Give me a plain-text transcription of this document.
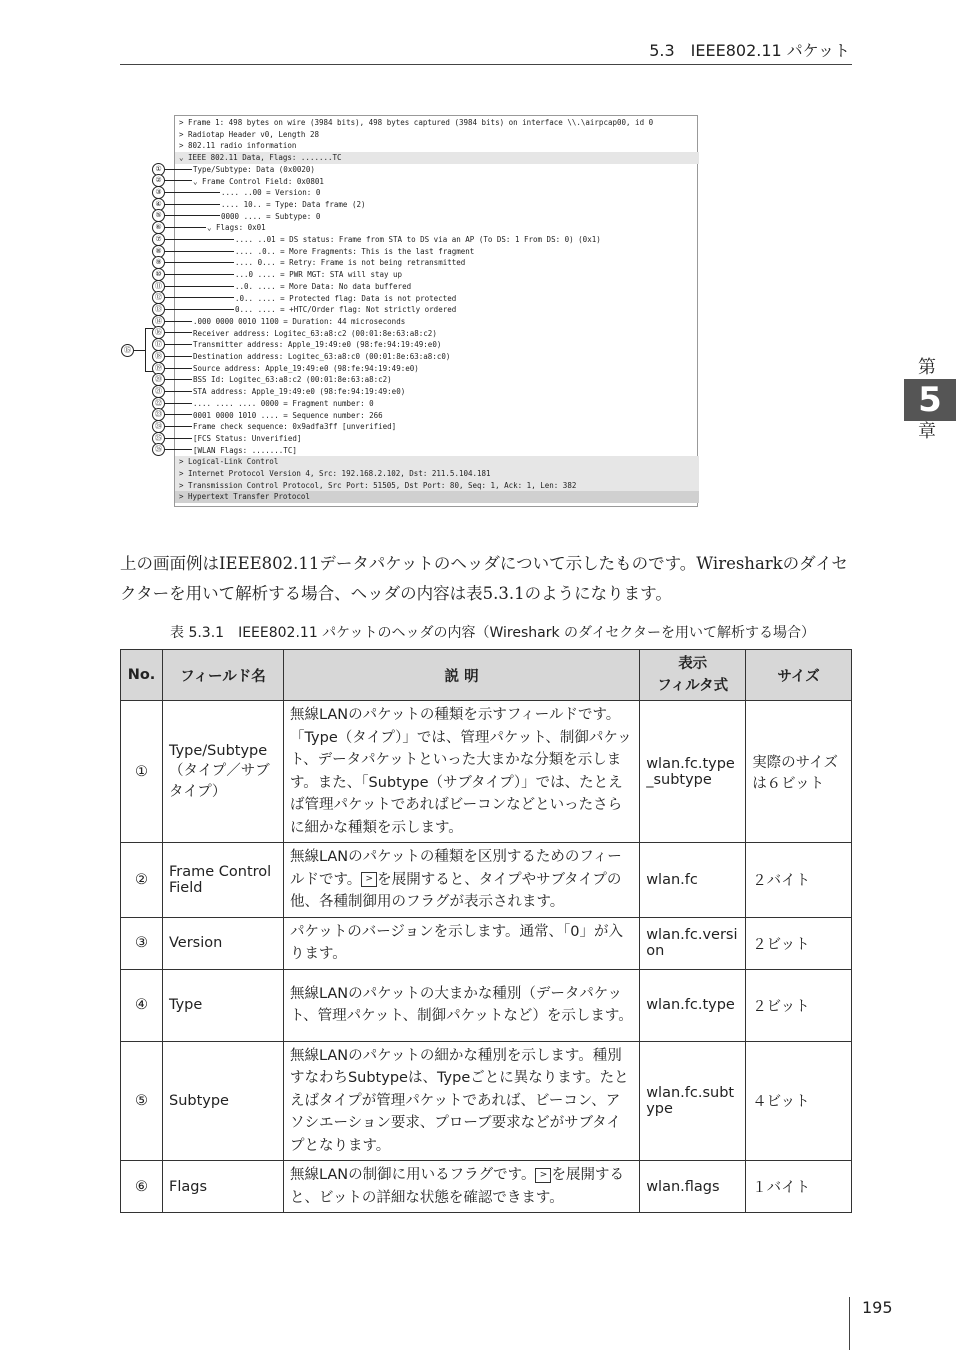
5.3　IEEE802.11 パケット
第
5
章
> Frame 1: 498 bytes on wire (3984 bits), 498 bytes captured (3984 bits) on interface \\.\airpcap00, id 0
> Radiotap Header v0, Length 28
> 802.11 radio information
⌄ IEEE 802.11 Data, Flags: .......TC
Type/Subtype: Data (0x0020)
⌄ Frame Control Field: 0x0801
.... ..00 = Version: 0
.... 10.. = Type: Data frame (2)
0000 .... = Subtype: 0
⌄ Flags: 0x01
.... ..01 = DS status: Frame from STA to DS via an AP (To DS: 1 From DS: 0) (0x1)
.... .0.. = More Fragments: This is the last fragment
.... 0... = Retry: Frame is not being retransmitted
...0 .... = PWR MGT: STA will stay up
..0. .... = More Data: No data buffered
.0.. .... = Protected flag: Data is not protected
0... .... = +HTC/Order flag: Not strictly ordered
.000 0000 0010 1100 = Duration: 44 microseconds
Receiver address: Logitec_63:a8:c2 (00:01:8e:63:a8:c2)
Transmitter address: Apple_19:49:e0 (98:fe:94:19:49:e0)
Destination address: Logitec_63:a8:c0 (00:01:8e:63:a8:c0)
Source address: Apple_19:49:e0 (98:fe:94:19:49:e0)
BSS Id: Logitec_63:a8:c2 (00:01:8e:63:a8:c2)
STA address: Apple_19:49:e0 (98:fe:94:19:49:e0)
.... .... .... 0000 = Fragment number: 0
0001 0000 1010 .... = Sequence number: 266
Frame check sequence: 0x9adfa3ff [unverified]
[FCS Status: Unverified]
[WLAN Flags: .......TC]
> Logical-Link Control
> Internet Protocol Version 4, Src: 192.168.2.102, Dst: 211.5.104.181
> Transmission Control Protocol, Src Port: 51505, Dst Port: 80, Seq: 1, Ack: 1, Len: 382
> Hypertext Transfer Protocol
①
②
③
④
⑤
⑥
⑦
⑧
⑨
⑩
⑪
⑫
⑬
⑭
⑯
⑰
⑱
⑲
⑳
㉑
㉒
㉓
㉔
㉕
㉖
⑮

上の画面例はIEEE802.11データパケットのヘッダについて示したものです。Wiresharkのダイセクターを用いて解析する場合、ヘッダの内容は表5.3.1のようになります。

表 5.3.1　IEEE802.11 パケットのヘッダの内容（Wireshark のダイセクターを用いて解析する場合）
No.	フィールド名	説 明	表示
フィルタ式	サイズ
①	Type/Subtype（タイプ／サブタイプ）	無線LANのパケットの種類を示すフィールドです。「Type（タイプ）」では、管理パケット、制御パケット、データパケットといった大まかな分類を示します。また、「Subtype（サブタイプ）」では、たとえば管理パケットであればビーコンなどといったさらに細かな種類を示します。	wlan.fc.type_subtype	実際のサイズは６ビット
②	Frame Control Field	無線LANのパケットの種類を区別するためのフィールドです。 > を展開すると、タイプやサブタイプの他、各種制御用のフラグが表示されます。	wlan.fc	２バイト
③	Version	パケットのバージョンを示します。通常、「0」が入ります。	wlan.fc.version	２ビット
④	Type	無線LANのパケットの大まかな種別（データパケット、管理パケット、制御パケットなど）を示します。	wlan.fc.type	２ビット
⑤	Subtype	無線LANのパケットの細かな種別を示します。種別すなわちSubtypeは、Typeごとに異なります。たとえばタイプが管理パケットであれば、ビーコン、アソシエーション要求、プローブ要求などがサブタイプとなります。	wlan.fc.subtype	４ビット
⑥	Flags	無線LANの制御に用いるフラグです。 > を展開すると、ビットの詳細な状態を確認できます。	wlan.flags	１バイト
195
